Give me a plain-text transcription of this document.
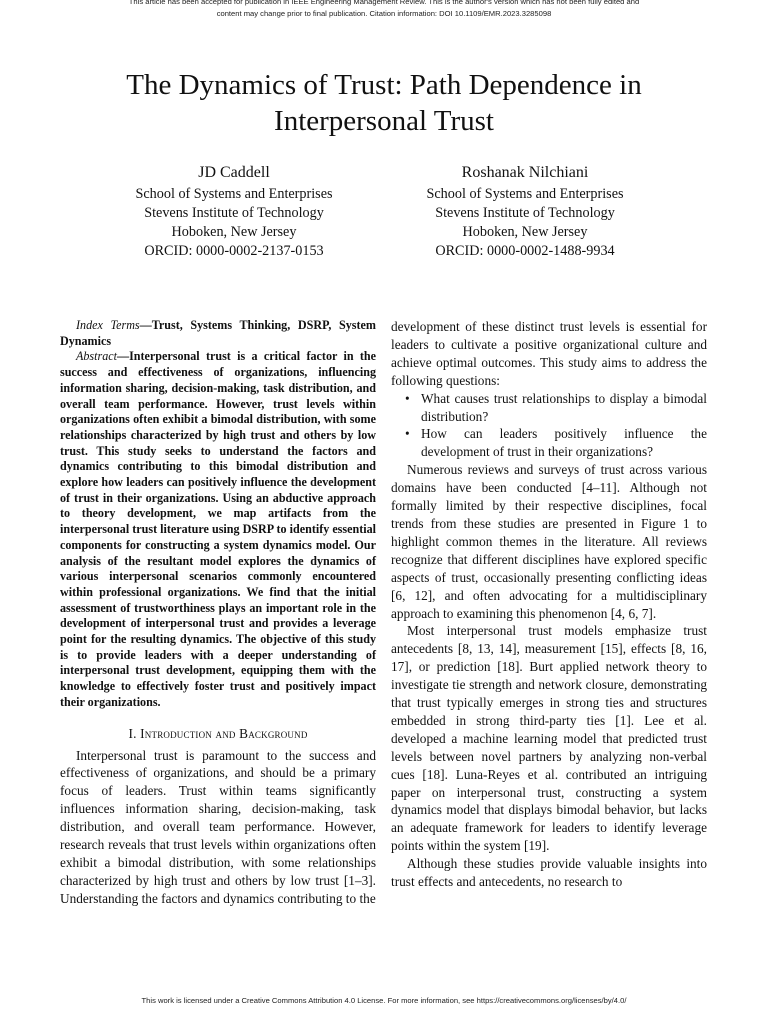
This article has been accepted for publication in IEEE Engineering Management Review. This is the author's version which has not been fully edited and
content may change prior to final publication. Citation information: DOI 10.1109/EMR.2023.3285098
The Dynamics of Trust: Path Dependence in
Interpersonal Trust
JD Caddell
School of Systems and Enterprises
Stevens Institute of Technology
Hoboken, New Jersey
ORCID: 0000-0002-2137-0153
Roshanak Nilchiani
School of Systems and Enterprises
Stevens Institute of Technology
Hoboken, New Jersey
ORCID: 0000-0002-1488-9934

Index Terms—Trust, Systems Thinking, DSRP, System Dynamics

Abstract—Interpersonal trust is a critical factor in the success and effectiveness of organizations, influencing information sharing, decision-making, task distribution, and overall team performance. However, trust levels within organizations often exhibit a bimodal distribution, with some relationships characterized by high trust and others by low trust. This study seeks to understand the factors and dynamics contributing to this bimodal distribution and explore how leaders can positively influence the development of trust in their organizations. Using an abductive approach to theory development, we map artifacts from the interpersonal trust literature using DSRP to identify essential components for constructing a system dynamics model. Our analysis of the resultant model explores the dynamics of various interpersonal scenarios commonly encountered within professional organizations. We find that the initial assessment of trustworthiness plays an important role in the development of interpersonal trust and provides a leverage point for the resulting dynamics. The objective of this study is to provide leaders with a deeper understanding of interpersonal trust development, equipping them with the knowledge to effectively foster trust and positively impact their organizations.

I. Introduction and Background

Interpersonal trust is paramount to the success and effectiveness of organizations, and should be a primary focus of leaders. Trust within teams significantly influences information sharing, decision-making, task distribution, and overall team performance. However, research reveals that trust levels within organizations often exhibit a bimodal distribution, with some relationships characterized by high trust and others by low trust [1–3]. Understanding the factors and dynamics contributing to the

development of these distinct trust levels is essential for leaders to cultivate a positive organizational culture and achieve optimal outcomes. This study aims to address the following questions:

• What causes trust relationships to display a bimodal distribution?
• How can leaders positively influence the development of trust in their organizations?

Numerous reviews and surveys of trust across various domains have been conducted [4–11]. Although not formally limited by their respective disciplines, focal trends from these studies are presented in Figure 1 to highlight common themes in the literature. All reviews recognize that different disciplines have explored specific aspects of trust, occasionally presenting conflicting ideas [6, 12], and often advocating for a multidisciplinary approach to examining this phenomenon [4, 6, 7].

Most interpersonal trust models emphasize trust antecedents [8, 13, 14], measurement [15], effects [8, 16, 17], or prediction [18]. Burt applied network theory to investigate tie strength and network closure, demonstrating that trust typically emerges in strong ties and structures embedded in strong third-party ties [1]. Lee et al. developed a machine learning model that predicted trust levels between novel partners by analyzing non-verbal cues [18]. Luna-Reyes et al. contributed an intriguing paper on interpersonal trust, constructing a system dynamics model that displays bimodal behavior, but lacks an adequate framework for leaders to identify leverage points within the system [19].

Although these studies provide valuable insights into trust effects and antecedents, no research to

This work is licensed under a Creative Commons Attribution 4.0 License. For more information, see https://creativecommons.org/licenses/by/4.0/
